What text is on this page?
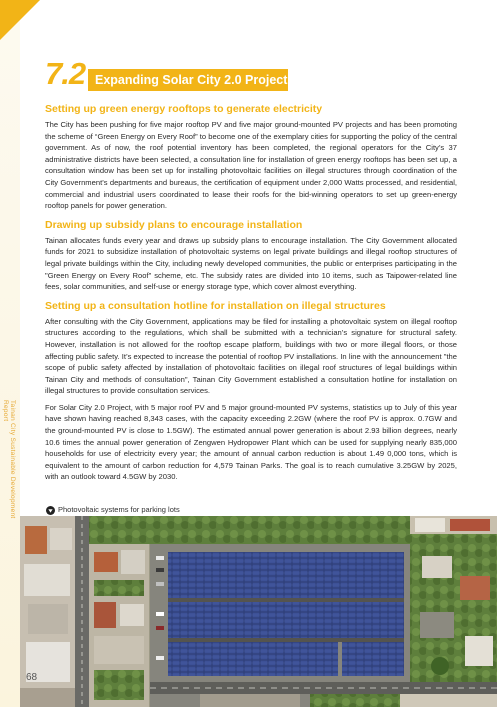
Tainan City Sustainable Development Report
7.2 Expanding Solar City 2.0 Project
Setting up green energy rooftops to generate electricity

The City has been pushing for five major rooftop PV and five major ground-mounted PV projects and has been promoting the scheme of “Green Energy on Every Roof” to become one of the exemplary cities for supporting the policy of the central government. As of now, the roof potential inventory has been completed, the regional operators for the City’s 37 administrative districts have been selected, a consultation line for installation of green energy rooftops has been set up, a consultation window has been set up for installing photovoltaic facilities on illegal structures through coordination of the City Government’s departments and bureaus, the certification of equipment under 2,000 Watts processed, and residential, commercial and industrial users coordinated to lease their roofs for the bid-winning operators to set up green-energy rooftop panels for power generation.

Drawing up subsidy plans to encourage installation

Tainan allocates funds every year and draws up subsidy plans to encourage installation. The City Government allocated funds for 2021 to subsidize installation of photovoltaic systems on legal private buildings and illegal rooftop structures of legal private buildings within the City, including newly developed communities, the public or enterprises participating in the "Green Energy on Every Roof" scheme, etc. The subsidy rates are divided into 10 items, such as Taipower-related line fees, solar communities, and self-use or energy storage type, which cover almost everything.

Setting up a consultation hotline for installation on illegal structures

After consulting with the City Government, applications may be filed for installing a photovoltaic system on illegal rooftop structures according to the regulations, which shall be submitted with a technician’s signature for structural safety. However, installation is not allowed for the rooftop escape platform, buildings with two or more illegal floors, or those affecting public safety. It’s expected to increase the potential of rooftop PV installations. In line with the announcement "the scope of public safety affected by installation of photovoltaic facilities on illegal roof structures of legal buildings within Tainan City and methods of consultation", Tainan City Government established a consultation hotline for installation on illegal structures to provide consultation services.

For Solar City 2.0 Project, with 5 major roof PV and 5 major ground-mounted PV systems, statistics up to July of this year have shown having reached 8,343 cases, with the capacity exceeding 2.2GW (where the roof PV is approx. 0.7GW and the ground-mounted PV is close to 1.5GW). The estimated annual power generation is about 2.93 billion degrees, nearly 10.6 times the annual power generation of Zengwen Hydropower Plant which can be used for supplying nearly 835,000 households for use of electricity every year; the amount of annual carbon reduction is about 1.49 0,000 tons, which is equivalent to the amount of carbon reduction for 4,579 Tainan Parks. The goal is to reach cumulative 3.25GW by 2025, with an outlook toward 4.5GW by 2030.

Photovoltaic systems for parking lots
68
